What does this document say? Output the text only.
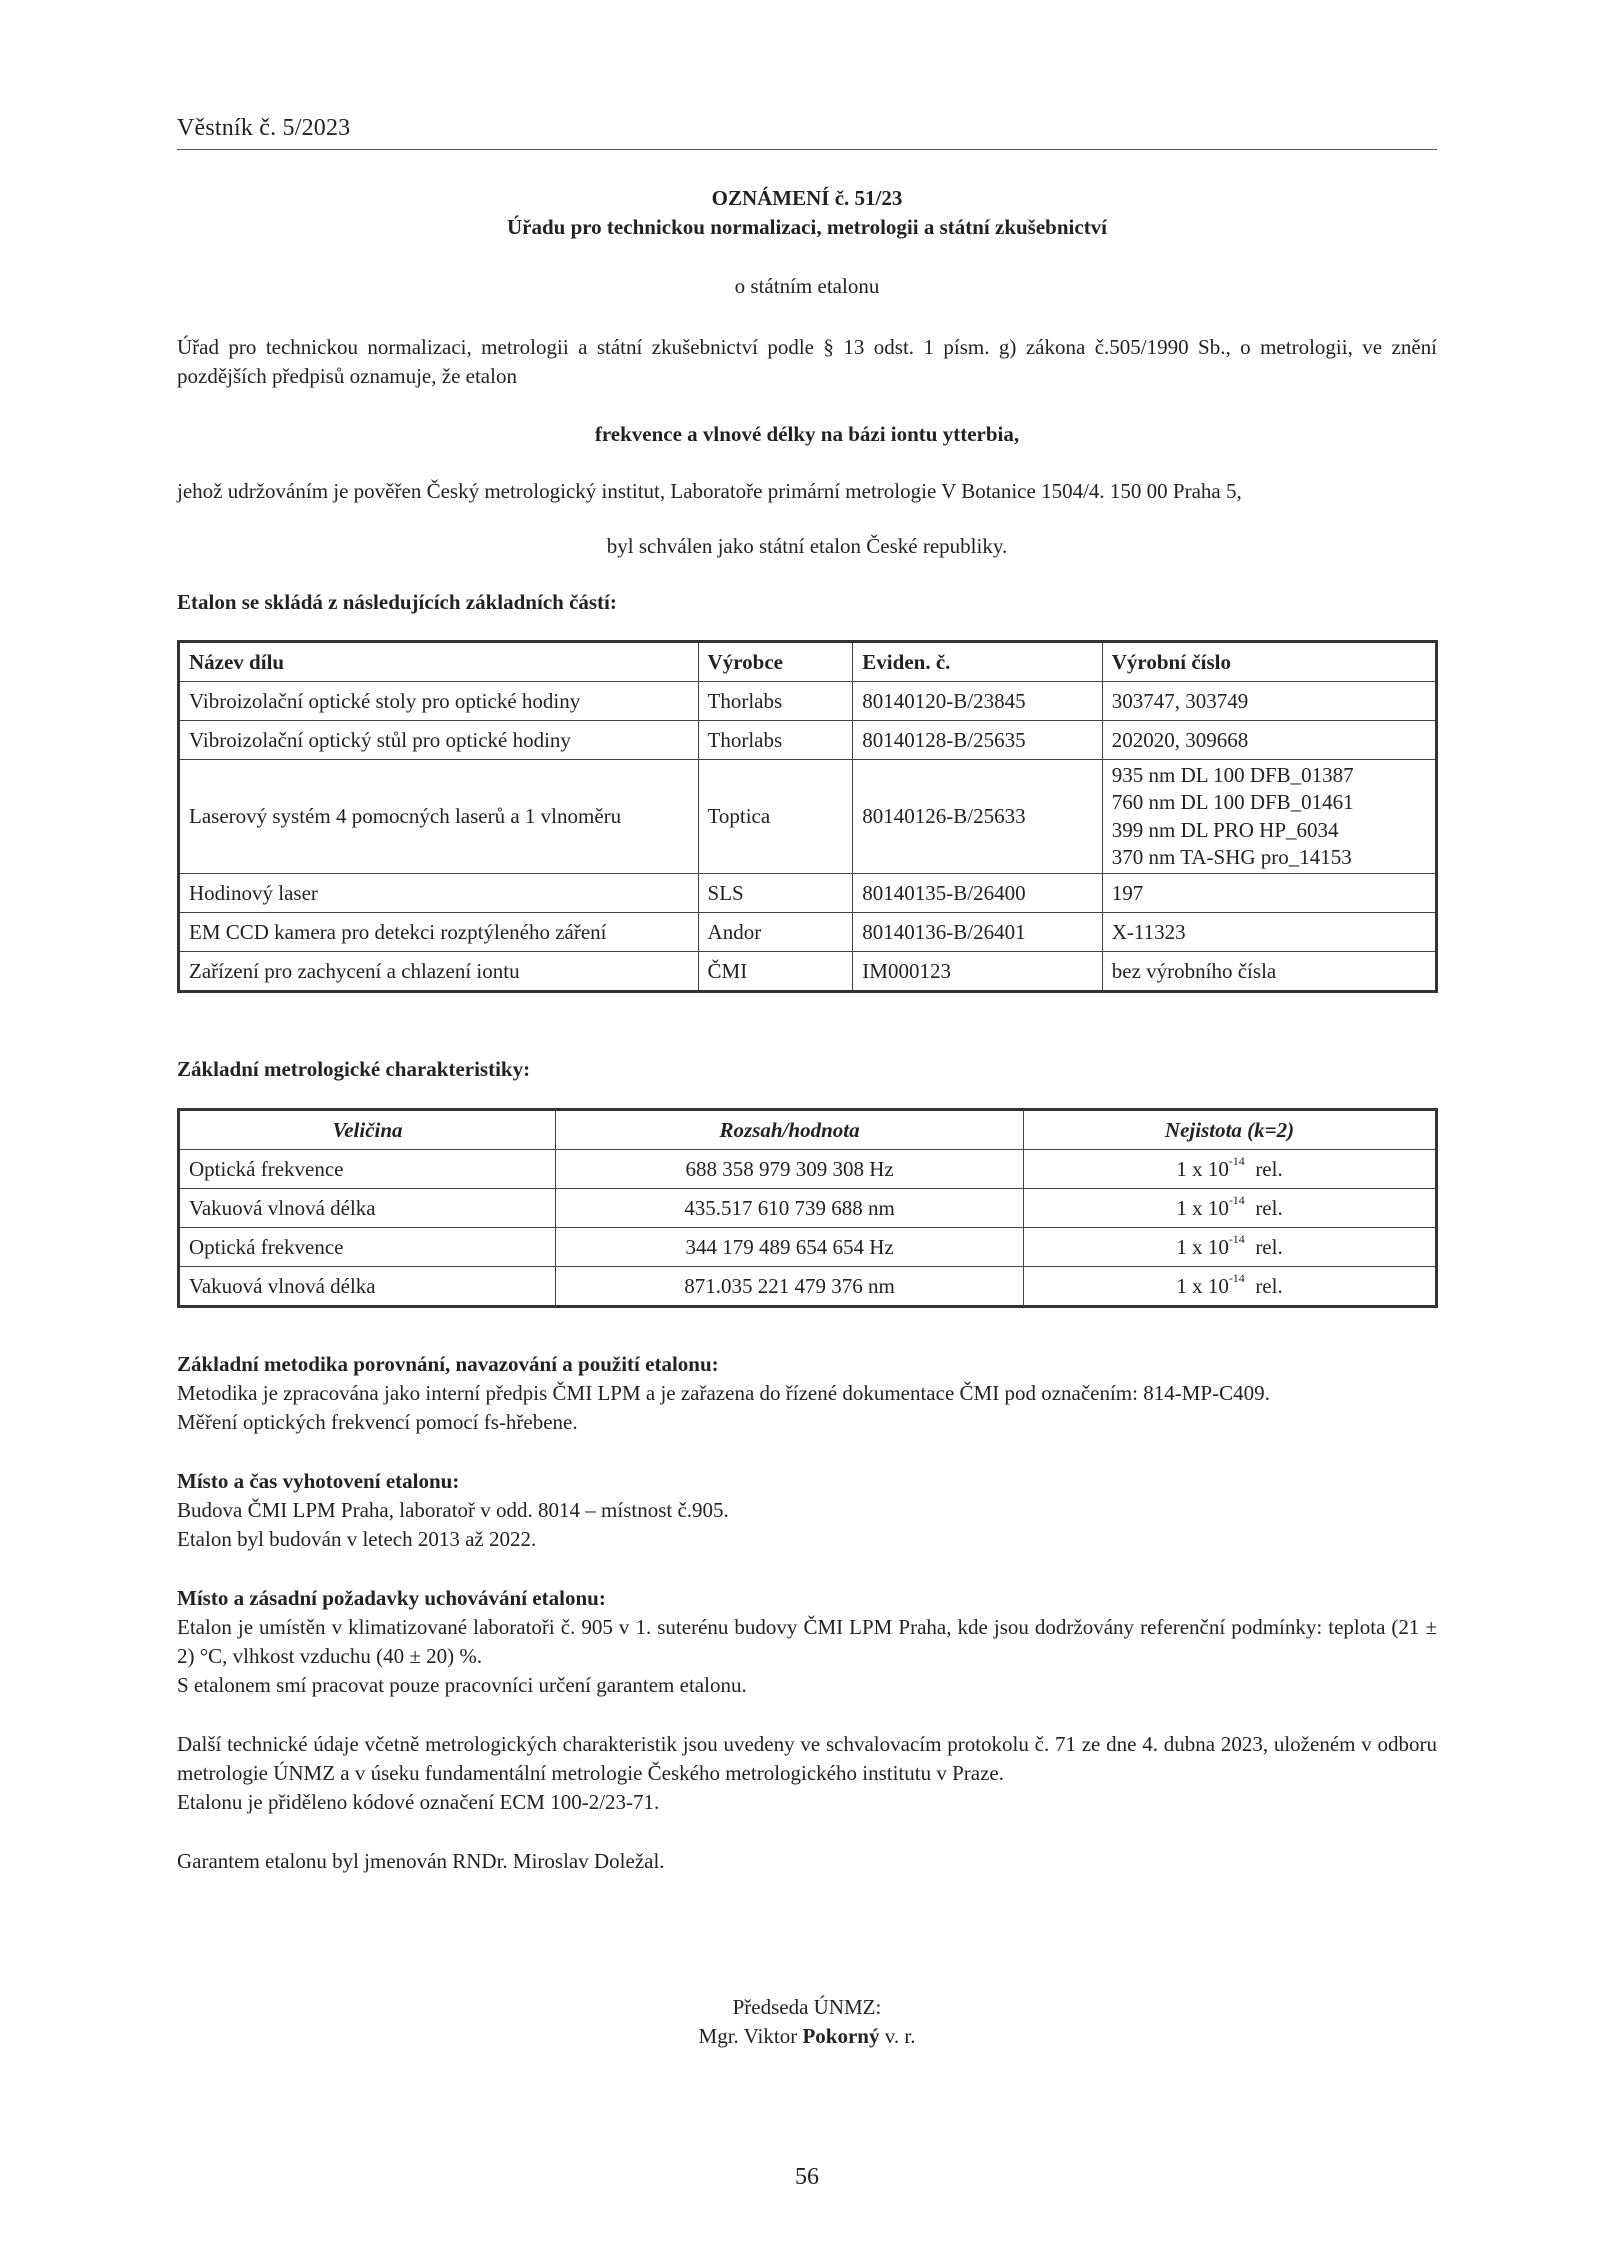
Věstník č. 5/2023
OZNÁMENÍ č. 51/23
Úřadu pro technickou normalizaci, metrologii a státní zkušebnictví
o státním etalonu

Úřad pro technickou normalizaci, metrologii a státní zkušebnictví podle § 13 odst. 1 písm. g) zákona č.505/1990 Sb., o metrologii, ve znění pozdějších předpisů oznamuje, že etalon

frekvence a vlnové délky na bázi iontu ytterbia,
jehož udržováním je pověřen Český metrologický institut, Laboratoře primární metrologie V Botanice 1504/4. 150 00 Praha 5,
byl schválen jako státní etalon České republiky.
Etalon se skládá z následujících základních částí:
Název dílu	Výrobce	Eviden. č.	Výrobní číslo
Vibroizolační optické stoly pro optické hodiny	Thorlabs	80140120-B/23845	303747, 303749
Vibroizolační optický stůl pro optické hodiny	Thorlabs	80140128-B/25635	202020, 309668
Laserový systém 4 pomocných laserů a 1 vlnoměru	Toptica	80140126-B/25633	935 nm DL 100 DFB_01387
760 nm DL 100 DFB_01461
399 nm DL PRO HP_6034
370 nm TA-SHG pro_14153

Hodinový laser	SLS	80140135-B/26400	197
EM CCD kamera pro detekci rozptýleného záření	Andor	80140136-B/26401	X-11323
Zařízení pro zachycení a chlazení iontu	ČMI	IM000123	bez výrobního čísla
Základní metrologické charakteristiky:
Veličina	Rozsah/hodnota	Nejistota (k=2)
Optická frekvence	688 358 979 309 308 Hz	1 x $10^{-14}$ rel.
Vakuová vlnová délka	435.517 610 739 688 nm	1 x $10^{-14}$ rel.
Optická frekvence	344 179 489 654 654 Hz	1 x $10^{-14}$ rel.
Vakuová vlnová délka	871.035 221 479 376 nm	1 x $10^{-14}$ rel.
Základní metodika porovnání, navazování a použití etalonu:
Metodika je zpracována jako interní předpis ČMI LPM a je zařazena do řízené dokumentace ČMI pod označením: 814-MP-C409.
Měření optických frekvencí pomocí fs-hřebene.
Místo a čas vyhotovení etalonu:
Budova ČMI LPM Praha, laboratoř v odd. 8014 – místnost č.905.
Etalon byl budován v letech 2013 až 2022.
Místo a zásadní požadavky uchovávání etalonu:

Etalon je umístěn v klimatizované laboratoři č. 905 v 1. suterénu budovy ČMI LPM Praha, kde jsou dodržovány referenční podmínky: teplota (21 ± 2) °C, vlhkost vzduchu (40 ± 20) %.

S etalonem smí pracovat pouze pracovníci určení garantem etalonu.

Další technické údaje včetně metrologických charakteristik jsou uvedeny ve schvalovacím protokolu č. 71 ze dne 4. dubna 2023, uloženém v odboru metrologie ÚNMZ a v úseku fundamentální metrologie Českého metrologického institutu v Praze.

Etalonu je přiděleno kódové označení ECM 100-2/23-71.
Garantem etalonu byl jmenován RNDr. Miroslav Doležal.
Předseda ÚNMZ:
Mgr. Viktor Pokorný v. r.
56
